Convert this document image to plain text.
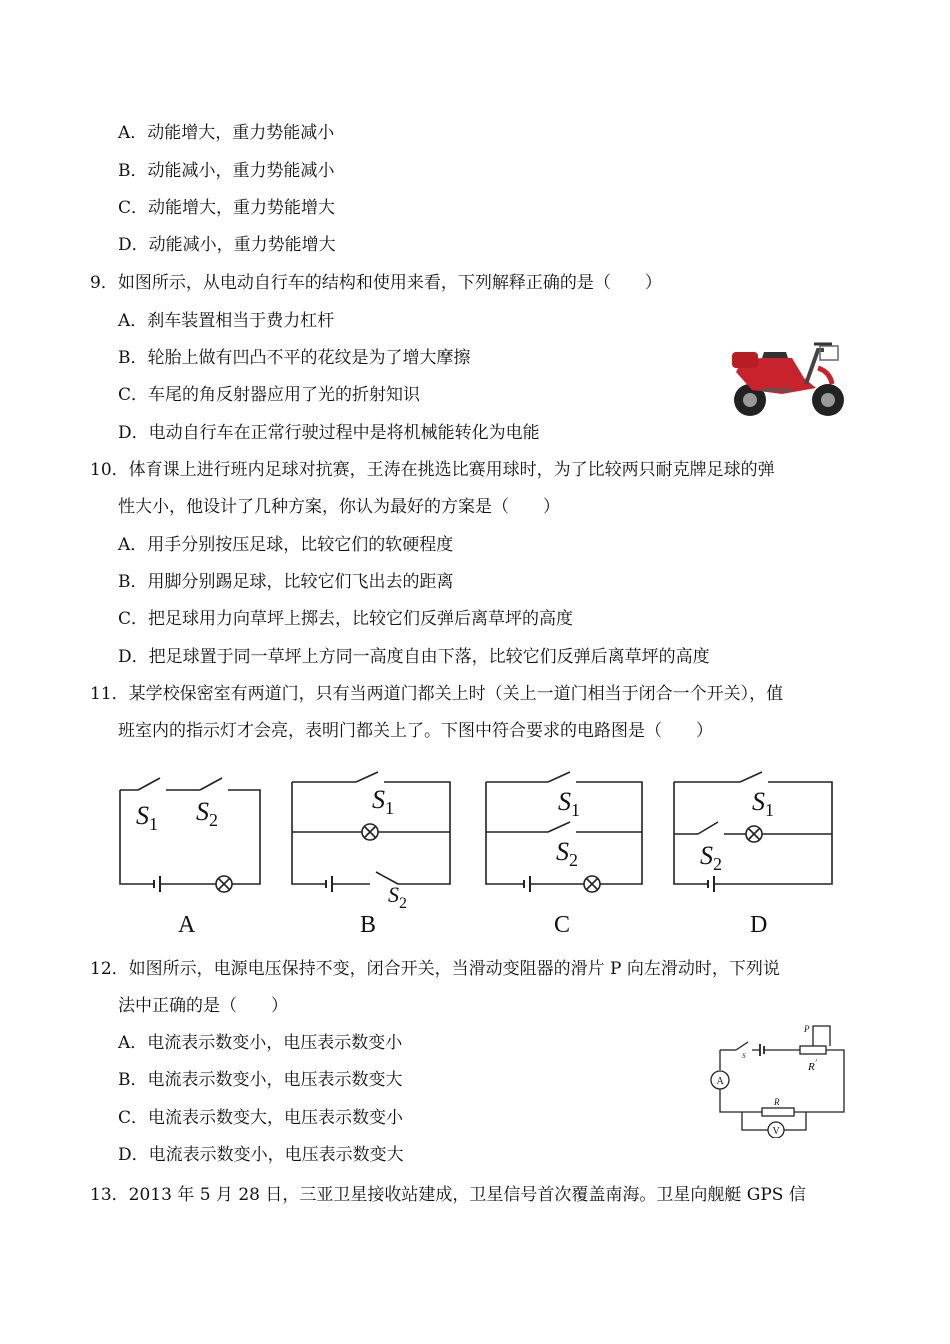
A．动能增大，重力势能减小
B．动能减小，重力势能减小
C．动能增大，重力势能增大
D．动能减小，重力势能增大
9．如图所示，从电动自行车的结构和使用来看，下列解释正确的是（　　）
A．刹车装置相当于费力杠杆
B．轮胎上做有凹凸不平的花纹是为了增大摩擦
C．车尾的角反射器应用了光的折射知识
D．电动自行车在正常行驶过程中是将机械能转化为电能
10．体育课上进行班内足球对抗赛，王涛在挑选比赛用球时，为了比较两只耐克牌足球的弹
性大小，他设计了几种方案，你认为最好的方案是（　　）
A．用手分别按压足球，比较它们的软硬程度
B．用脚分别踢足球，比较它们飞出去的距离
C．把足球用力向草坪上掷去，比较它们反弹后离草坪的高度
D．把足球置于同一草坪上方同一高度自由下落，比较它们反弹后离草坪的高度
11．某学校保密室有两道门，只有当两道门都关上时（关上一道门相当于闭合一个开关），值
班室内的指示灯才会亮，表明门都关上了。下图中符合要求的电路图是（　　）
$S_1$ $S_2$
$S_1$
$S_2$
$S_1$
$S_2$
$S_1$
$S_2$
A	B	C	D
12．如图所示，电源电压保持不变，闭合开关，当滑动变阻器的滑片 P 向左滑动时，下列说
法中正确的是（　　）
A．电流表示数变小，电压表示数变小
B．电流表示数变小，电压表示数变大
C．电流表示数变大，电压表示数变小
D．电流表示数变小，电压表示数变大
P
S
R′
R
A
V
13．2013 年 5 月 28 日，三亚卫星接收站建成，卫星信号首次覆盖南海。卫星向舰艇 GPS 信
